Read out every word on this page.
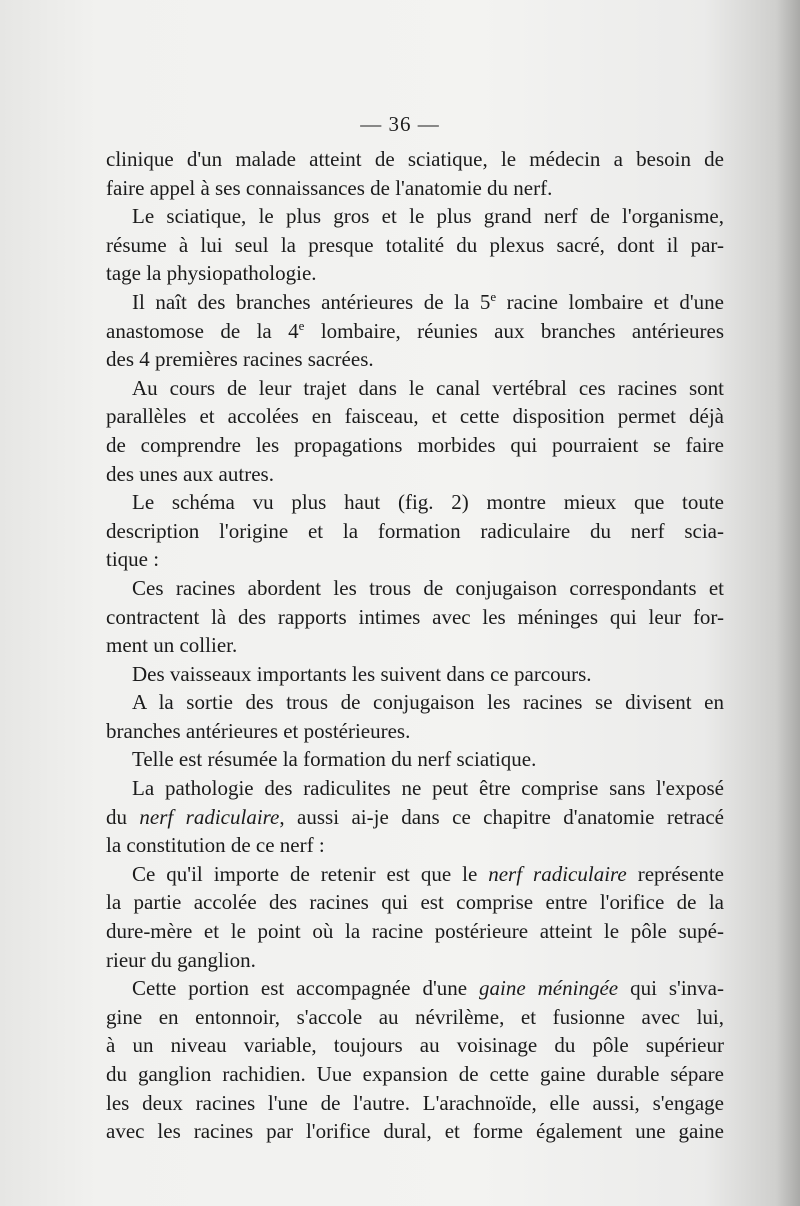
— 36 —
clinique d'un malade atteint de sciatique, le médecin a besoin de
faire appel à ses connaissances de l'anatomie du nerf.
Le sciatique, le plus gros et le plus grand nerf de l'organisme,
résume à lui seul la presque totalité du plexus sacré, dont il par-
tage la physiopathologie.
Il naît des branches antérieures de la 5e racine lombaire et d'une
anastomose de la 4e lombaire, réunies aux branches antérieures
des 4 premières racines sacrées.
Au cours de leur trajet dans le canal vertébral ces racines sont
parallèles et accolées en faisceau, et cette disposition permet déjà
de comprendre les propagations morbides qui pourraient se faire
des unes aux autres.
Le schéma vu plus haut (fig. 2) montre mieux que toute
description l'origine et la formation radiculaire du nerf scia-
tique :
Ces racines abordent les trous de conjugaison correspondants et
contractent là des rapports intimes avec les méninges qui leur for-
ment un collier.
Des vaisseaux importants les suivent dans ce parcours.
A la sortie des trous de conjugaison les racines se divisent en
branches antérieures et postérieures.
Telle est résumée la formation du nerf sciatique.
La pathologie des radiculites ne peut être comprise sans l'exposé
du nerf radiculaire, aussi ai-je dans ce chapitre d'anatomie retracé
la constitution de ce nerf :
Ce qu'il importe de retenir est que le nerf radiculaire représente
la partie accolée des racines qui est comprise entre l'orifice de la
dure-mère et le point où la racine postérieure atteint le pôle supé-
rieur du ganglion.
Cette portion est accompagnée d'une gaine méningée qui s'inva-
gine en entonnoir, s'accole au névrilème, et fusionne avec lui,
à un niveau variable, toujours au voisinage du pôle supérieur
du ganglion rachidien. Uue expansion de cette gaine durable sépare
les deux racines l'une de l'autre. L'arachnoïde, elle aussi, s'engage
avec les racines par l'orifice dural, et forme également une gaine
